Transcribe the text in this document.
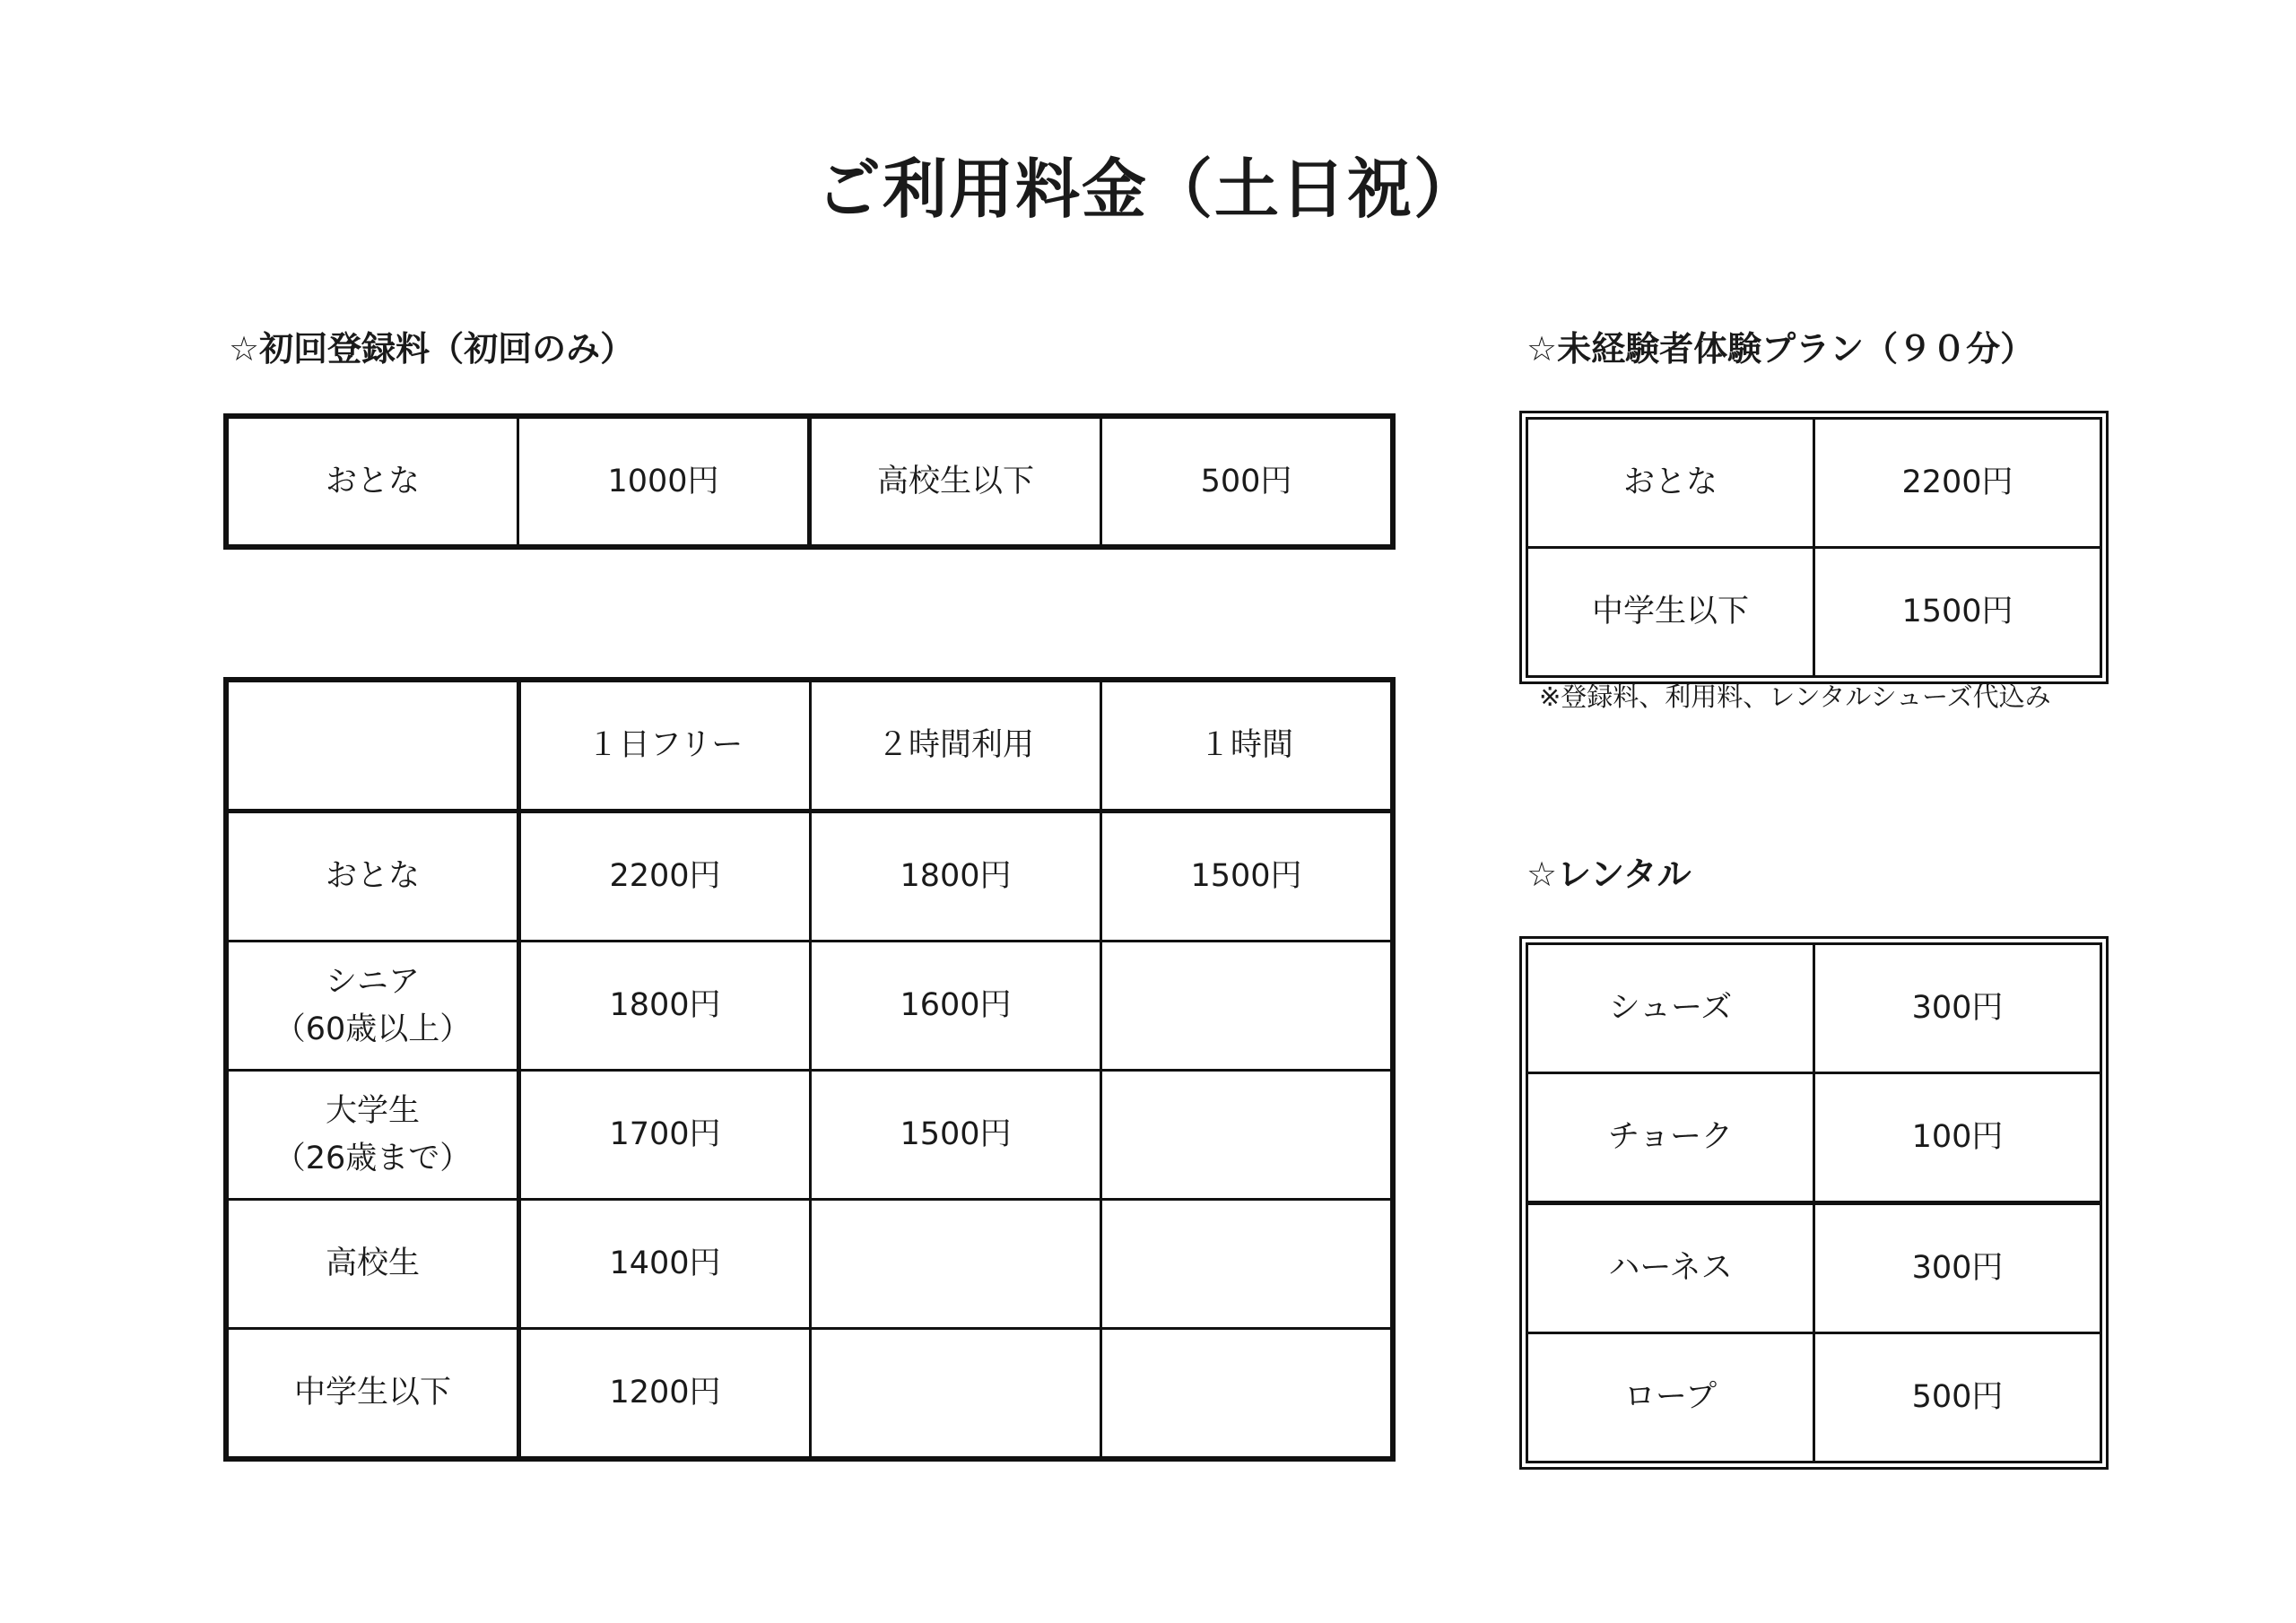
ご利用料金（土日祝）
☆初回登録料（初回のみ）
おとな	1000円	高校生以下	500円
	１日フリー	２時間利用	１時間
おとな	2200円	1800円	1500円
シニア
（60歳以上）	1800円	1600円	
大学生
（26歳まで）	1700円	1500円	
高校生	1400円		
中学生以下	1200円		
☆未経験者体験プラン（９０分）
おとな	2200円
中学生以下	1500円
※登録料、利用料、レンタルシューズ代込み
☆レンタル
シューズ	300円
チョーク	100円
ハーネス	300円
ロープ	500円
